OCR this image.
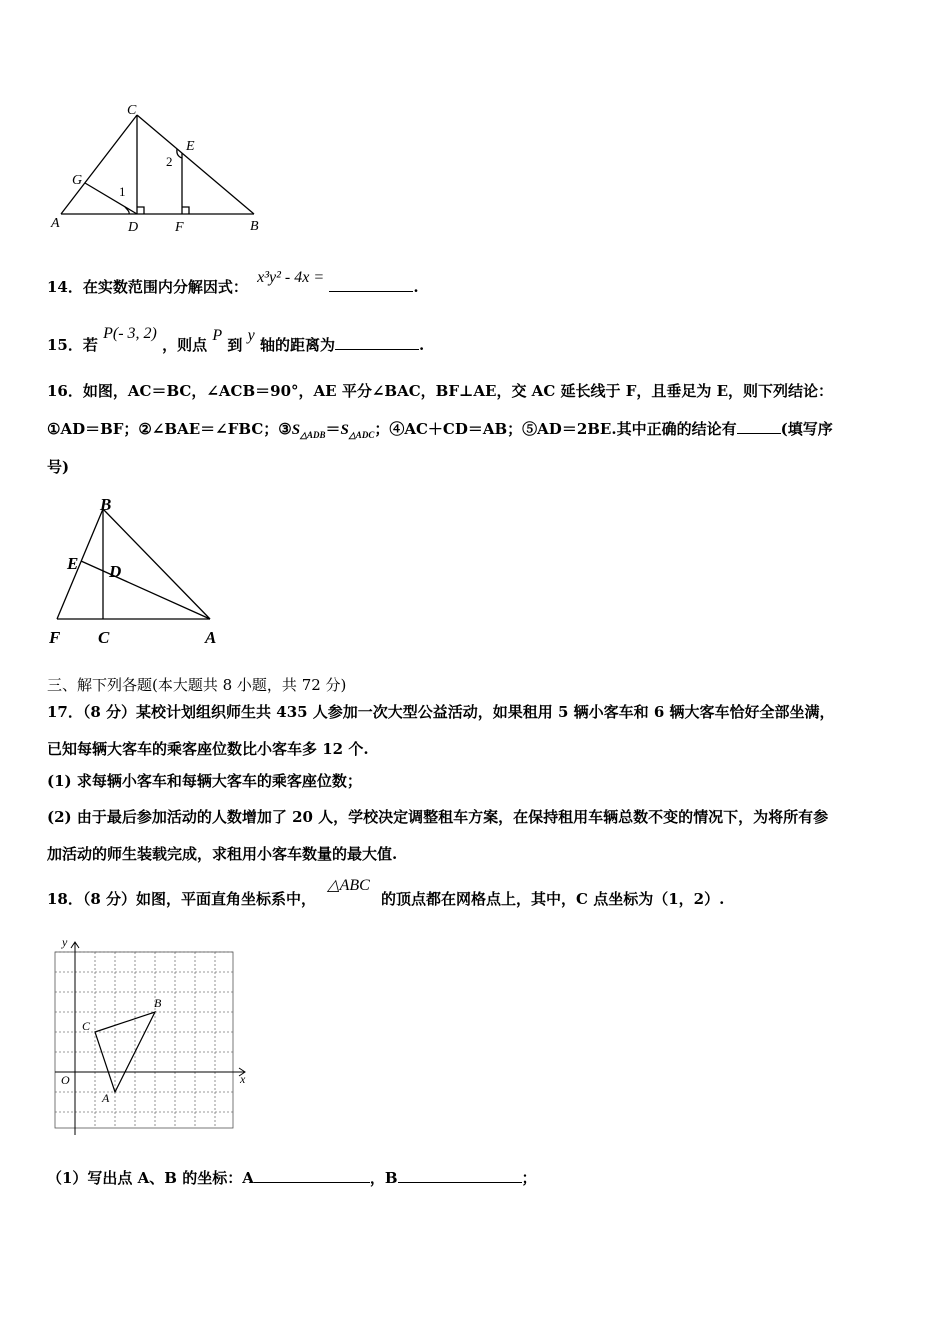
C
E
G
A	D	F	B
1
2
14．在实数范围内分解因式： x³y² - 4x = .
15．若 P(- 3, 2) ，则点 P 到 y 轴的距离为	.
16．如图，AC＝BC，∠ACB＝90°，AE 平分∠BAC，BF⊥AE，交 AC 延长线于 F，且垂足为 E，则下列结论：
①AD＝BF；②∠BAE＝∠FBC；$③S_{\triangle ADB}=S_{\triangle ADC}$；④AC＋CD＝AB；⑤AD＝2BE.其中正确的结论有	(填写序
号)
B
E D
F C	A
三、解下列各题(本大题共 8 小题，共 72 分)
17．（8 分）某校计划组织师生共 435 人参加一次大型公益活动，如果租用 5 辆小客车和 6 辆大客车恰好全部坐满，
已知每辆大客车的乘客座位数比小客车多 12 个.
(1) 求每辆小客车和每辆大客车的乘客座位数；
(2) 由于最后参加活动的人数增加了 20 人，学校决定调整租车方案，在保持租用车辆总数不变的情况下，为将所有参
加活动的师生装载完成，求租用小客车数量的最大值.
18．（8 分）如图，平面直角坐标系中， △ABC 的顶点都在网格点上，其中，C 点坐标为（1，2）.
y
x
O
C
B
A
（1）写出点 A、B 的坐标：A	，B	；
